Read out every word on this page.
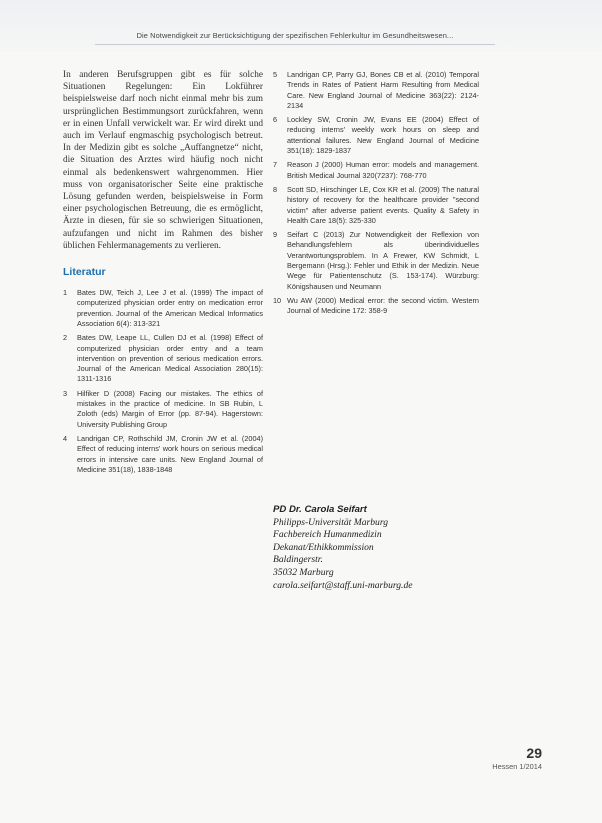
Die Notwendigkeit zur Berücksichtigung der spezifischen Fehlerkultur im Gesundheitswesen...

In anderen Berufsgruppen gibt es für solche Situationen Regelungen: Ein Lokführer beispielsweise darf noch nicht einmal mehr bis zum ursprünglichen Bestimmungsort zurückfahren, wenn er in einen Unfall verwickelt war. Er wird direkt und auch im Verlauf engmaschig psychologisch betreut. In der Medizin gibt es solche „Auffangnetze“ nicht, die Situation des Arztes wird häufig noch nicht einmal als bedenkenswert wahrgenommen. Hier muss von organisatorischer Seite eine praktische Lösung gefunden werden, beispielsweise in Form einer psychologischen Betreuung, die es ermöglicht, Ärzte in diesen, für sie so schwierigen Situationen, aufzufangen und nicht im Rahmen des bisher üblichen Fehlermanagements zu verlieren.

Literatur
1 Bates DW, Teich J, Lee J et al. (1999) The impact of computerized physician order entry on medication error prevention. Journal of the American Medical Informatics Association 6(4): 313-321
2 Bates DW, Leape LL, Cullen DJ et al. (1998) Effect of computerized physician order entry and a team intervention on prevention of serious medication errors. Journal of the American Medical Association 280(15): 1311-1316
3 Hilfiker D (2008) Facing our mistakes. The ethics of mistakes in the practice of medicine. In SB Rubin, L Zoloth (eds) Margin of Error (pp. 87-94). Hagerstown: University Publishing Group
4 Landrigan CP, Rothschild JM, Cronin JW et al. (2004) Effect of reducing interns' work hours on serious medical errors in intensive care units. New England Journal of Medicine 351(18), 1838-1848
5 Landrigan CP, Parry GJ, Bones CB et al. (2010) Temporal Trends in Rates of Patient Harm Resulting from Medical Care. New England Journal of Medicine 363(22): 2124-2134
6 Lockley SW, Cronin JW, Evans EE (2004) Effect of reducing interns' weekly work hours on sleep and attentional failures. New England Journal of Medicine 351(18): 1829-1837
7 Reason J (2000) Human error: models and management. British Medical Journal 320(7237): 768-770
8 Scott SD, Hirschinger LE, Cox KR et al. (2009) The natural history of recovery for the healthcare provider "second victim" after adverse patient events. Quality & Safety in Health Care 18(5): 325-330
9 Seifart C (2013) Zur Notwendigkeit der Reflexion von Behandlungsfehlern als überindividuelles Verantwortungsproblem. In A Frewer, KW Schmidt, L Bergemann (Hrsg.): Fehler und Ethik in der Medizin. Neue Wege für Patientenschutz (S. 153-174). Würzburg: Königshausen und Neumann
10 Wu AW (2000) Medical error: the second victim. Western Journal of Medicine 172: 358-9
PD Dr. Carola Seifart
Philipps-Universität Marburg
Fachbereich Humanmedizin
Dekanat/Ethikkommission
Baldingerstr.
35032 Marburg
carola.seifart@staff.uni-marburg.de
29
Hessen 1/2014
